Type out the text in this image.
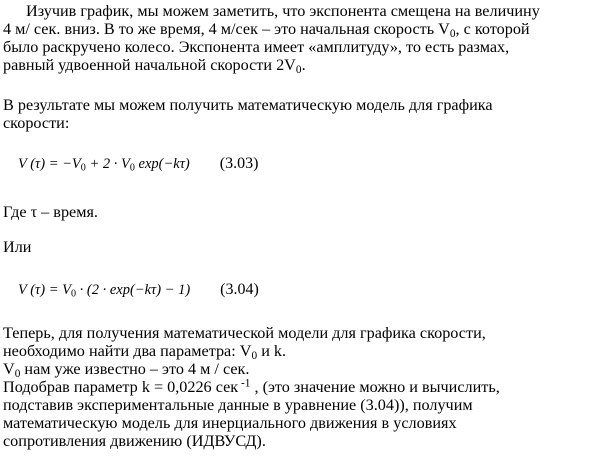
Изучив график, мы можем заметить, что экспонента смещена на величину
4 м/ сек. вниз. В то же время, 4 м/сек – это начальная скорость $V_0$, с которой
было раскручено колесо. Экспонента имеет «амплитуду», то есть размах,
равный удвоенной начальной скорости $2V_0$.
В результате мы можем получить математическую модель для графика
скорости:
V $(\tau) = -V_0 + 2 \cdot V_0$ exp(−kτ) (3.03)
Где τ – время.
Или
V $(\tau) = V_0 \cdot (2 \cdot \exp(-k\tau) - 1)$ (3.04)
Теперь, для получения математической модели для графика скорости,
необходимо найти два параметра: $V_0$ и k.
$V_0$ нам уже известно – это 4 м / сек.
Подобрав параметр k = 0,0226 сек $^{-1}$ , (это значение можно и вычислить,
подставив экспериментальные данные в уравнение (3.04)), получим
математическую модель для инерциального движения в условиях
сопротивления движению (ИДВУСД).
